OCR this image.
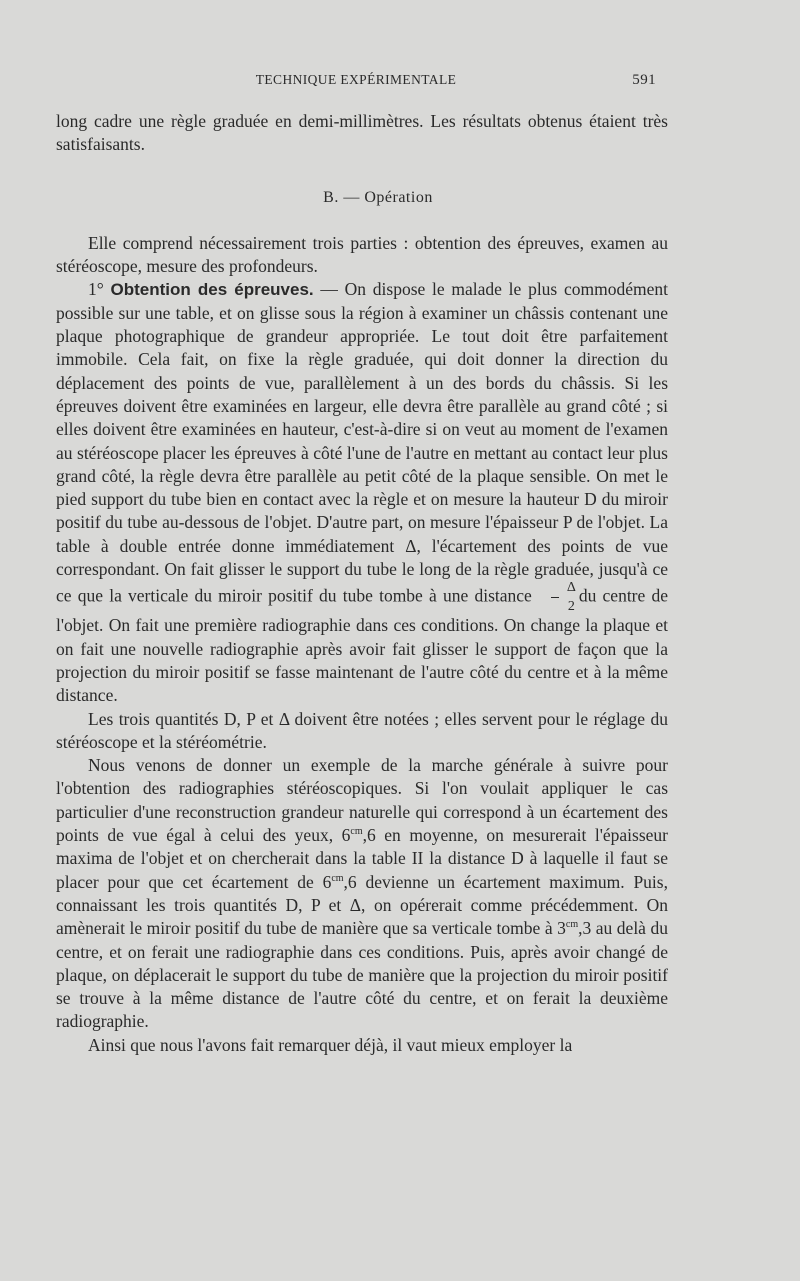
TECHNIQUE EXPÉRIMENTALE	591

long cadre une règle graduée en demi-millimètres. Les résultats obtenus étaient très satisfaisants.

B. — Opération

Elle comprend nécessairement trois parties : obtention des épreuves, examen au stéréoscope, mesure des profondeurs.

1° Obtention des épreuves. — On dispose le malade le plus commodément possible sur une table, et on glisse sous la région à examiner un châssis contenant une plaque photographique de grandeur appropriée. Le tout doit être parfaitement immobile. Cela fait, on fixe la règle graduée, qui doit donner la direction du déplacement des points de vue, parallèlement à un des bords du châssis. Si les épreuves doivent être examinées en largeur, elle devra être parallèle au grand côté ; si elles doivent être examinées en hauteur, c'est-à-dire si on veut au moment de l'examen au stéréoscope placer les épreuves à côté l'une de l'autre en mettant au contact leur plus grand côté, la règle devra être parallèle au petit côté de la plaque sensible. On met le pied support du tube bien en contact avec la règle et on mesure la hauteur D du miroir positif du tube au-dessous de l'objet. D'autre part, on mesure l'épaisseur P de l'objet. La table à double entrée donne immédiatement Δ, l'écartement des points de vue correspondant. On fait glisser le support du tube le long de la règle graduée, jusqu'à ce ce que la verticale du miroir positif du tube tombe à une distance $\frac{\Delta}{2}$ du centre de l'objet. On fait une première radiographie dans ces conditions. On change la plaque et on fait une nouvelle radiographie après avoir fait glisser le support de façon que la projection du miroir positif se fasse maintenant de l'autre côté du centre et à la même distance.

Les trois quantités D, P et Δ doivent être notées ; elles servent pour le réglage du stéréoscope et la stéréométrie.

Nous venons de donner un exemple de la marche générale à suivre pour l'obtention des radiographies stéréoscopiques. Si l'on voulait appliquer le cas particulier d'une reconstruction grandeur naturelle qui correspond à un écartement des points de vue égal à celui des yeux, $6^{cm},6$ en moyenne, on mesurerait l'épaisseur maxima de l'objet et on chercherait dans la table II la distance D à laquelle il faut se placer pour que cet écartement de $6^{cm},6$ devienne un écartement maximum. Puis, connaissant les trois quantités D, P et Δ, on opérerait comme précédemment. On amènerait le miroir positif du tube de manière que sa verticale tombe à $3^{cm},3$ au delà du centre, et on ferait une radiographie dans ces conditions. Puis, après avoir changé de plaque, on déplacerait le support du tube de manière que la projection du miroir positif se trouve à la même distance de l'autre côté du centre, et on ferait la deuxième radiographie.

Ainsi que nous l'avons fait remarquer déjà, il vaut mieux employer la
